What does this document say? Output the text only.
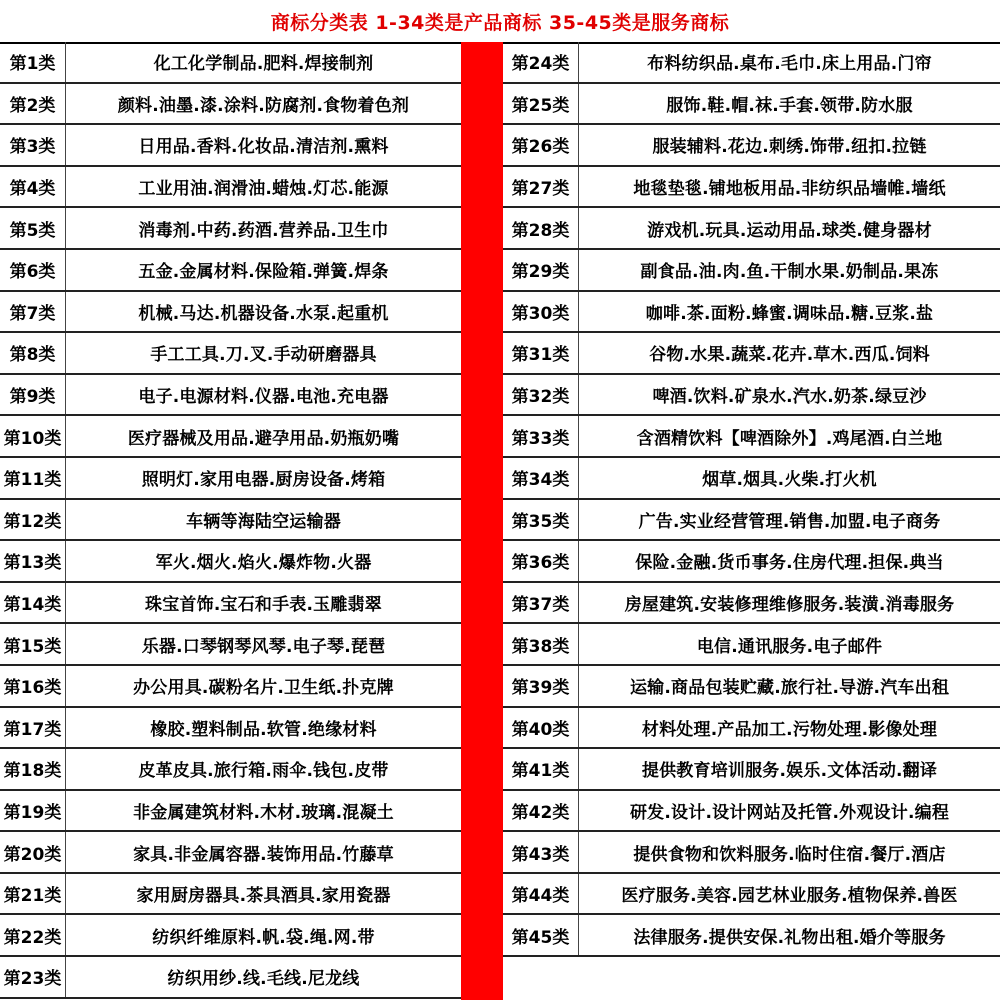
商标分类表 1-34类是产品商标 35-45类是服务商标
第1类	化工化学制品.肥料.焊接制剂
第2类	颜料.油墨.漆.涂料.防腐剂.食物着色剂
第3类	日用品.香料.化妆品.清洁剂.熏料
第4类	工业用油.润滑油.蜡烛.灯芯.能源
第5类	消毒剂.中药.药酒.营养品.卫生巾
第6类	五金.金属材料.保险箱.弹簧.焊条
第7类	机械.马达.机器设备.水泵.起重机
第8类	手工工具.刀.叉.手动研磨器具
第9类	电子.电源材料.仪器.电池.充电器
第10类	医疗器械及用品.避孕用品.奶瓶奶嘴
第11类	照明灯.家用电器.厨房设备.烤箱
第12类	车辆等海陆空运输器
第13类	军火.烟火.焰火.爆炸物.火器
第14类	珠宝首饰.宝石和手表.玉雕翡翠
第15类	乐器.口琴钢琴风琴.电子琴.琵琶
第16类	办公用具.碳粉名片.卫生纸.扑克牌
第17类	橡胶.塑料制品.软管.绝缘材料
第18类	皮革皮具.旅行箱.雨伞.钱包.皮带
第19类	非金属建筑材料.木材.玻璃.混凝土
第20类	家具.非金属容器.装饰用品.竹藤草
第21类	家用厨房器具.茶具酒具.家用瓷器
第22类	纺织纤维原料.帆.袋.绳.网.带
第23类	纺织用纱.线.毛线.尼龙线
第24类	布料纺织品.桌布.毛巾.床上用品.门帘
第25类	服饰.鞋.帽.袜.手套.领带.防水服
第26类	服装辅料.花边.刺绣.饰带.纽扣.拉链
第27类	地毯垫毯.铺地板用品.非纺织品墙帷.墙纸
第28类	游戏机.玩具.运动用品.球类.健身器材
第29类	副食品.油.肉.鱼.干制水果.奶制品.果冻
第30类	咖啡.茶.面粉.蜂蜜.调味品.糖.豆浆.盐
第31类	谷物.水果.蔬菜.花卉.草木.西瓜.饲料
第32类	啤酒.饮料.矿泉水.汽水.奶茶.绿豆沙
第33类	含酒精饮料【啤酒除外】.鸡尾酒.白兰地
第34类	烟草.烟具.火柴.打火机
第35类	广告.实业经营管理.销售.加盟.电子商务
第36类	保险.金融.货币事务.住房代理.担保.典当
第37类	房屋建筑.安装修理维修服务.装潢.消毒服务
第38类	电信.通讯服务.电子邮件
第39类	运输.商品包装贮藏.旅行社.导游.汽车出租
第40类	材料处理.产品加工.污物处理.影像处理
第41类	提供教育培训服务.娱乐.文体活动.翻译
第42类	研发.设计.设计网站及托管.外观设计.编程
第43类	提供食物和饮料服务.临时住宿.餐厅.酒店
第44类	医疗服务.美容.园艺林业服务.植物保养.兽医
第45类	法律服务.提供安保.礼物出租.婚介等服务
